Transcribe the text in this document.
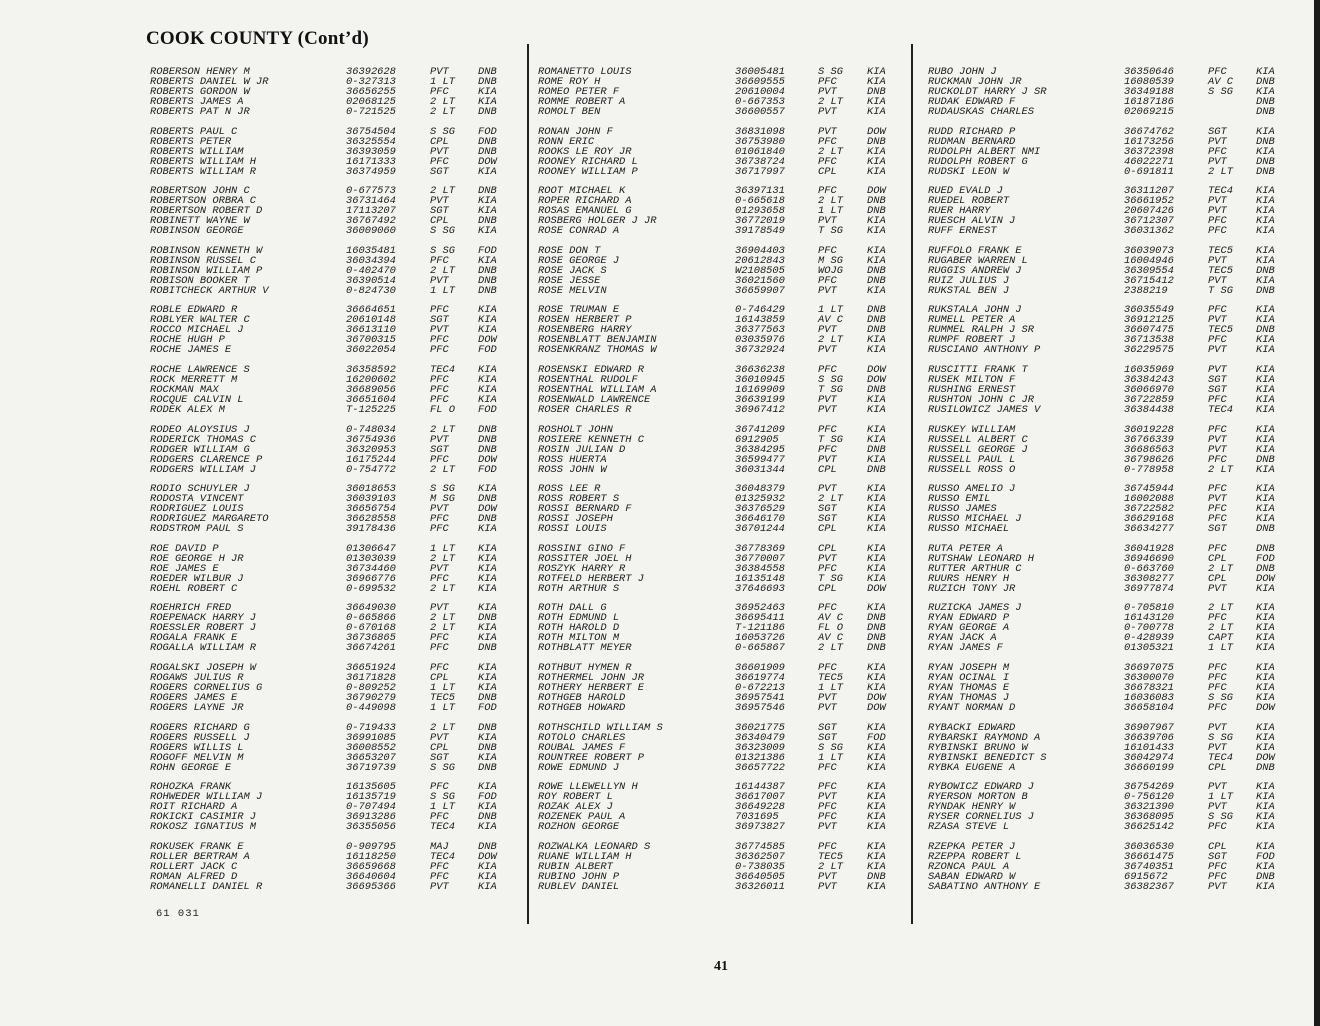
COOK COUNTY (Cont’d)
ROBERSON HENRY M	36392628	PVT	DNB
ROBERTS DANIEL W JR	0-327313	1 LT DNB
ROBERTS GORDON W	36656255	PFC	KIA
ROBERTS JAMES A	02068125	2 LT KIA
ROBERTS PAT N JR	0-721525	2 LT DNB
ROBERTS PAUL C	36754504	S SG FOD
ROBERTS PETER	36325554	CPL	DNB
ROBERTS WILLIAM	36393059	PVT	DNB
ROBERTS WILLIAM H	16171333	PFC	DOW
ROBERTS WILLIAM R	36374959	SGT	KIA
ROBERTSON JOHN C	0-677573	2 LT DNB
ROBERTSON ORBRA C	36731464	PVT	KIA
ROBERTSON ROBERT D	17113207	SGT	KIA
ROBINETT WAYNE W	36767492	CPL	DNB
ROBINSON GEORGE	36009060	S SG KIA
ROBINSON KENNETH W	16035481	S SG FOD
ROBINSON RUSSEL C	36034394	PFC	KIA
ROBINSON WILLIAM P	0-402470	2 LT DNB
ROBISON BOOKER T	36390514	PVT	DNB
ROBITCHECK ARTHUR V	0-824730	1 LT DNB
ROBLE EDWARD R	36664651	PFC	KIA
ROBLYER WALTER C	20610148	SGT	KIA
ROCCO MICHAEL J	36613110	PVT	KIA
ROCHE HUGH P	36700315	PFC	DOW
ROCHE JAMES E	36022054	PFC	FOD
ROCHE LAWRENCE S	36358592	TEC4 KIA
ROCK MERRETT M	16200602	PFC	KIA
ROCKMAN MAX	36689056	PFC	KIA
ROCQUE CALVIN L	36651604	PFC	KIA
RODEK ALEX M	T-125225	FL O FOD
RODEO ALOYSIUS J	0-748034	2 LT DNB
RODERICK THOMAS C	36754936	PVT	DNB
RODGER WILLIAM G	36320953	SGT	DNB
RODGERS CLARENCE P	16175244	PFC	DOW
RODGERS WILLIAM J	0-754772	2 LT FOD
RODIO SCHUYLER J	36018653	S SG KIA
RODOSTA VINCENT	36039103	M SG DNB
RODRIGUEZ LOUIS	36656754	PVT	DOW
RODRIGUEZ MARGARETO	36628558	PFC	DNB
RODSTROM PAUL S	39178436	PFC	KIA
ROE DAVID P	01306647	1 LT KIA
ROE GEORGE H JR	01303039	2 LT KIA
ROE JAMES E	36734460	PVT	KIA
ROEDER WILBUR J	36966776	PFC	KIA
ROEHL ROBERT C	0-699532	2 LT KIA
ROEHRICH FRED	36649030	PVT	KIA
ROEPENACK HARRY J	0-665866	2 LT DNB
ROESSLER ROBERT J	0-670168	2 LT KIA
ROGALA FRANK E	36736865	PFC	KIA
ROGALLA WILLIAM R	36674261	PFC	DNB
ROGALSKI JOSEPH W	36651924	PFC	KIA
ROGAWS JULIUS R	36171828	CPL	KIA
ROGERS CORNELIUS G	0-809252	1 LT KIA
ROGERS JAMES E	36790279	TEC5 DNB
ROGERS LAYNE JR	0-449098	1 LT FOD
ROGERS RICHARD G	0-719433	2 LT DNB
ROGERS RUSSELL J	36991085	PVT	KIA
ROGERS WILLIS L	36008552	CPL	DNB
ROGOFF MELVIN M	36653207	SGT	KIA
ROHN GEORGE E	36719739	S SG DNB
ROHOZKA FRANK	16135605	PFC	KIA
ROHWEDER WILLIAM J	16135719	S SG FOD
ROIT RICHARD A	0-707494	1 LT KIA
ROKICKI CASIMIR J	36913286	PFC	DNB
ROKOSZ IGNATIUS M	36355056	TEC4 KIA
ROKUSEK FRANK E	0-909795	MAJ	DNB
ROLLER BERTRAM A	16118250	TEC4 DOW
ROLLERT JACK C	36659668	PFC	KIA
ROMAN ALFRED D	36640604	PFC	KIA
ROMANELLI DANIEL R	36695366	PVT	KIA
ROMANETTO LOUIS	36005481	S SG KIA
ROME ROY H	36609555	PFC	KIA
ROMEO PETER F	20610004	PVT	DNB
ROMME ROBERT A	0-667353	2 LT KIA
ROMOLT BEN	36600557	PVT	KIA
RONAN JOHN F	36831098	PVT	DOW
RONN ERIC	36753980	PFC	DNB
ROOKS LE ROY JR	01061840	2 LT KIA
ROONEY RICHARD L	36738724	PFC	KIA
ROONEY WILLIAM P	36717997	CPL	KIA
ROOT MICHAEL K	36397131	PFC	DOW
ROPER RICHARD A	0-665618	2 LT DNB
ROSAS EMANUEL G	01293658	1 LT DNB
ROSBERG HOLGER J JR	36772019	PVT	KIA
ROSE CONRAD A	39178549	T SG KIA
ROSE DON T	36904403	PFC	KIA
ROSE GEORGE J	20612843	M SG KIA
ROSE JACK S	W2108505	WOJG DNB
ROSE JESSE	36021560	PFC	DNB
ROSE MELVIN	36659907	PVT	KIA
ROSE TRUMAN E	0-746429	1 LT DNB
ROSEN HERBERT P	16143859	AV C DNB
ROSENBERG HARRY	36377563	PVT	DNB
ROSENBLATT BENJAMIN	03035976	2 LT KIA
ROSENKRANZ THOMAS W	36732924	PVT	KIA
ROSENSKI EDWARD R	36636238	PFC	DOW
ROSENTHAL RUDOLF	36010945	S SG DOW
ROSENTHAL WILLIAM A	16169909	T SG DNB
ROSENWALD LAWRENCE	36639199	PVT	KIA
ROSER CHARLES R	36967412	PVT	KIA
ROSHOLT JOHN	36741209	PFC	KIA
ROSIERE KENNETH C	6912905	T SG KIA
ROSIN JULIAN D	36384295	PFC	DNB
ROSS HUERTA	36599477	PVT	KIA
ROSS JOHN W	36031344	CPL	DNB
ROSS LEE R	36048379	PVT	KIA
ROSS ROBERT S	01325932	2 LT KIA
ROSSI BERNARD F	36376529	SGT	KIA
ROSSI JOSEPH	36646170	SGT	KIA
ROSSI LOUIS	36701244	CPL	KIA
ROSSINI GINO F	36778369	CPL	KIA
ROSSITER JOEL H	36770007	PVT	KIA
ROSZYK HARRY R	36384558	PFC	KIA
ROTFELD HERBERT J	16135148	T SG KIA
ROTH ARTHUR S	37646693	CPL	DOW
ROTH DALL G	36952463	PFC	KIA
ROTH EDMUND L	36695411	AV C DNB
ROTH HAROLD D	T-121186	FL O DNB
ROTH MILTON M	16053726	AV C DNB
ROTHBLATT MEYER	0-665867	2 LT DNB
ROTHBUT HYMEN R	36601909	PFC	KIA
ROTHERMEL JOHN JR	36619774	TEC5 KIA
ROTHERY HERBERT E	0-672213	1 LT KIA
ROTHGEB HAROLD	36957541	PVT	DOW
ROTHGEB HOWARD	36957546	PVT	DOW
ROTHSCHILD WILLIAM S	36021775	SGT	KIA
ROTOLO CHARLES	36340479	SGT	FOD
ROUBAL JAMES F	36323009	S SG KIA
ROUNTREE ROBERT P	01321386	1 LT KIA
ROWE EDMUND J	36657722	PFC	KIA
ROWE LLEWELLYN H	16144387	PFC	KIA
ROY ROBERT L	36617007	PVT	KIA
ROZAK ALEX J	36649228	PFC	KIA
ROZENEK PAUL A	7031695	PFC	KIA
ROZHON GEORGE	36973827	PVT	KIA
ROZWALKA LEONARD S	36774585	PFC	KIA
RUANE WILLIAM H	36362507	TEC5 KIA
RUBIN ALBERT	0-738035	2 LT KIA
RUBINO JOHN P	36640505	PVT	DNB
RUBLEV DANIEL	36326011	PVT	KIA
RUBO JOHN J	36350646	PFC	KIA
RUCKMAN JOHN JR	16080539	AV C DNB
RUCKOLDT HARRY J SR	36349188	S SG KIA
RUDAK EDWARD F	16187186	DNB
RUDAUSKAS CHARLES	02069215	DNB
RUDD RICHARD P	36674762	SGT	KIA
RUDMAN BERNARD	16173256	PVT	DNB
RUDOLPH ALBERT NMI	36372398	PFC	KIA
RUDOLPH ROBERT G	46022271	PVT	DNB
RUDSKI LEON W	0-691811	2 LT DNB
RUED EVALD J	36311207	TEC4 KIA
RUEDEL ROBERT	36661952	PVT	KIA
RUER HARRY	20607426	PVT	KIA
RUESCH ALVIN J	36712307	PFC	KIA
RUFF ERNEST	36031362	PFC	KIA
RUFFOLO FRANK E	36039073	TEC5 KIA
RUGABER WARREN L	16004946	PVT	KIA
RUGGIS ANDREW J	36309554	TEC5 DNB
RUIZ JULIUS J	36715412	PVT	KIA
RUKSTAL BEN J	2388219	T SG DNB
RUKSTALA JOHN J	36035549	PFC	KIA
RUMELL PETER A	36912125	PVT	KIA
RUMMEL RALPH J SR	36607475	TEC5 DNB
RUMPF ROBERT J	36713538	PFC	KIA
RUSCIANO ANTHONY P	36229575	PVT	KIA
RUSCITTI FRANK T	16035969	PVT	KIA
RUSEK MILTON F	36384243	SGT	KIA
RUSHING ERNEST	36066970	SGT	KIA
RUSHTON JOHN C JR	36722859	PFC	KIA
RUSILOWICZ JAMES V	36384438	TEC4 KIA
RUSKEY WILLIAM	36019228	PFC	KIA
RUSSELL ALBERT C	36766339	PVT	KIA
RUSSELL GEORGE J	36686563	PVT	KIA
RUSSELL PAUL L	36798626	PFC	DNB
RUSSELL ROSS O	0-778958	2 LT KIA
RUSSO AMELIO J	36745944	PFC	KIA
RUSSO EMIL	16002088	PVT	KIA
RUSSO JAMES	36722582	PFC	KIA
RUSSO MICHAEL J	36629168	PFC	KIA
RUSSO MICHAEL	36634277	SGT	DNB
RUTA PETER A	36041928	PFC	DNB
RUTSHAW LEONARD H	36946690	CPL	FOD
RUTTER ARTHUR C	0-663760	2 LT DNB
RUURS HENRY H	36308277	CPL	DOW
RUZICH TONY JR	36977874	PVT	KIA
RUZICKA JAMES J	0-705810	2 LT KIA
RYAN EDWARD P	16143120	PFC	KIA
RYAN GEORGE A	0-700778	2 LT KIA
RYAN JACK A	0-428939	CAPT KIA
RYAN JAMES F	01305321	1 LT KIA
RYAN JOSEPH M	36697075	PFC	KIA
RYAN OCINAL I	36300070	PFC	KIA
RYAN THOMAS E	36678321	PFC	KIA
RYAN THOMAS J	16036083	S SG KIA
RYANT NORMAN D	36658104	PFC	DOW
RYBACKI EDWARD	36907967	PVT	KIA
RYBARSKI RAYMOND A	36639706	S SG KIA
RYBINSKI BRUNO W	16101433	PVT	KIA
RYBINSKI BENEDICT S	36042974	TEC4 DOW
RYBKA EUGENE A	36660199	CPL	DNB
RYBOWICZ EDWARD J	36754269	PVT	KIA
RYERSON MORTON B	0-756120	1 LT KIA
RYNDAK HENRY W	36321390	PVT	KIA
RYSER CORNELIUS J	36368095	S SG KIA
RZASA STEVE L	36625142	PFC	KIA
RZEPKA PETER J	36036530	CPL	KIA
RZEPPA ROBERT L	36661475	SGT	FOD
RZONCA PAUL A	36740351	PFC	KIA
SABAN EDWARD W	6915672	PFC	DNB
SABATINO ANTHONY E	36382367	PVT	KIA
61 031
41
